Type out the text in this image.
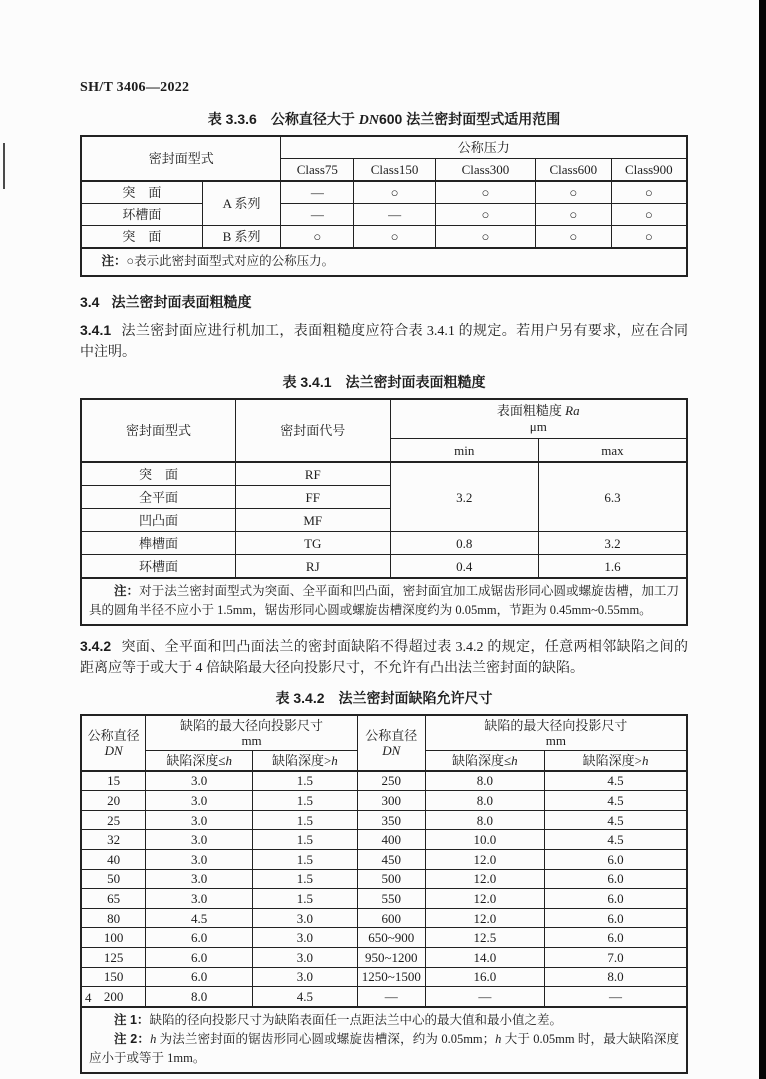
SH/T 3406—2022
表 3.3.6　公称直径大于 DN600 法兰密封面型式适用范围
密封面型式		公称压力				
		Class75	Class150	Class300	Class600	Class900
突　面	A 系列	—	○	○	○	○
环槽面		—	—	○	○	○
突　面	B 系列	○	○	○	○	○

注：○表示此密封面型式对应的公称压力。						
3.4 法兰密封面表面粗糙度
3.4.1 法兰密封面应进行机加工，表面粗糙度应符合表 3.4.1 的规定。若用户另有要求，应在合同中注明。
表 3.4.1　法兰密封面表面粗糙度
密封面型式	密封面代号	表面粗糙度 Ra
μm	

		min	max
突　面	RF	3.2	6.3
全平面	FF		
凹凸面	MF		
榫槽面	TG	0.8	3.2
环槽面	RJ	0.4	1.6

注：对于法兰密封面型式为突面、全平面和凹凸面，密封面宜加工成锯齿形同心圆或螺旋齿槽，加工刀具的圆角半径不应小于 1.5mm，锯齿形同心圆或螺旋齿槽深度约为 0.05mm，节距为 0.45mm~0.55mm。			
3.4.2 突面、全平面和凹凸面法兰的密封面缺陷不得超过表 3.4.2 的规定，任意两相邻缺陷之间的距离应等于或大于 4 倍缺陷最大径向投影尺寸，不允许有凸出法兰密封面的缺陷。
表 3.4.2　法兰密封面缺陷允许尺寸
公称直径
DN

缺陷的最大径向投影尺寸
mm	公称直径
DN

缺陷的最大径向投影尺寸
mm

	缺陷深度≤h	缺陷深度>h		缺陷深度≤h	缺陷深度>h
15	3.0	1.5	250	8.0	4.5
20	3.0	1.5	300	8.0	4.5
25	3.0	1.5	350	8.0	4.5
32	3.0	1.5	400	10.0	4.5
40	3.0	1.5	450	12.0	6.0
50	3.0	1.5	500	12.0	6.0
65	3.0	1.5	550	12.0	6.0
80	4.5	3.0	600	12.0	6.0
100	6.0	3.0	650~900	12.5	6.0
125	6.0	3.0	950~1200	14.0	7.0
150	6.0	3.0	1250~1500	16.0	8.0
200	8.0	4.5	—	—	—

注 1：缺陷的径向投影尺寸为缺陷表面任一点距法兰中心的最大值和最小值之差。
注 2：h 为法兰密封面的锯齿形同心圆或螺旋齿槽深，约为 0.05mm；h 大于 0.05mm 时，最大缺陷深度应小于或等于 1mm。					
4
